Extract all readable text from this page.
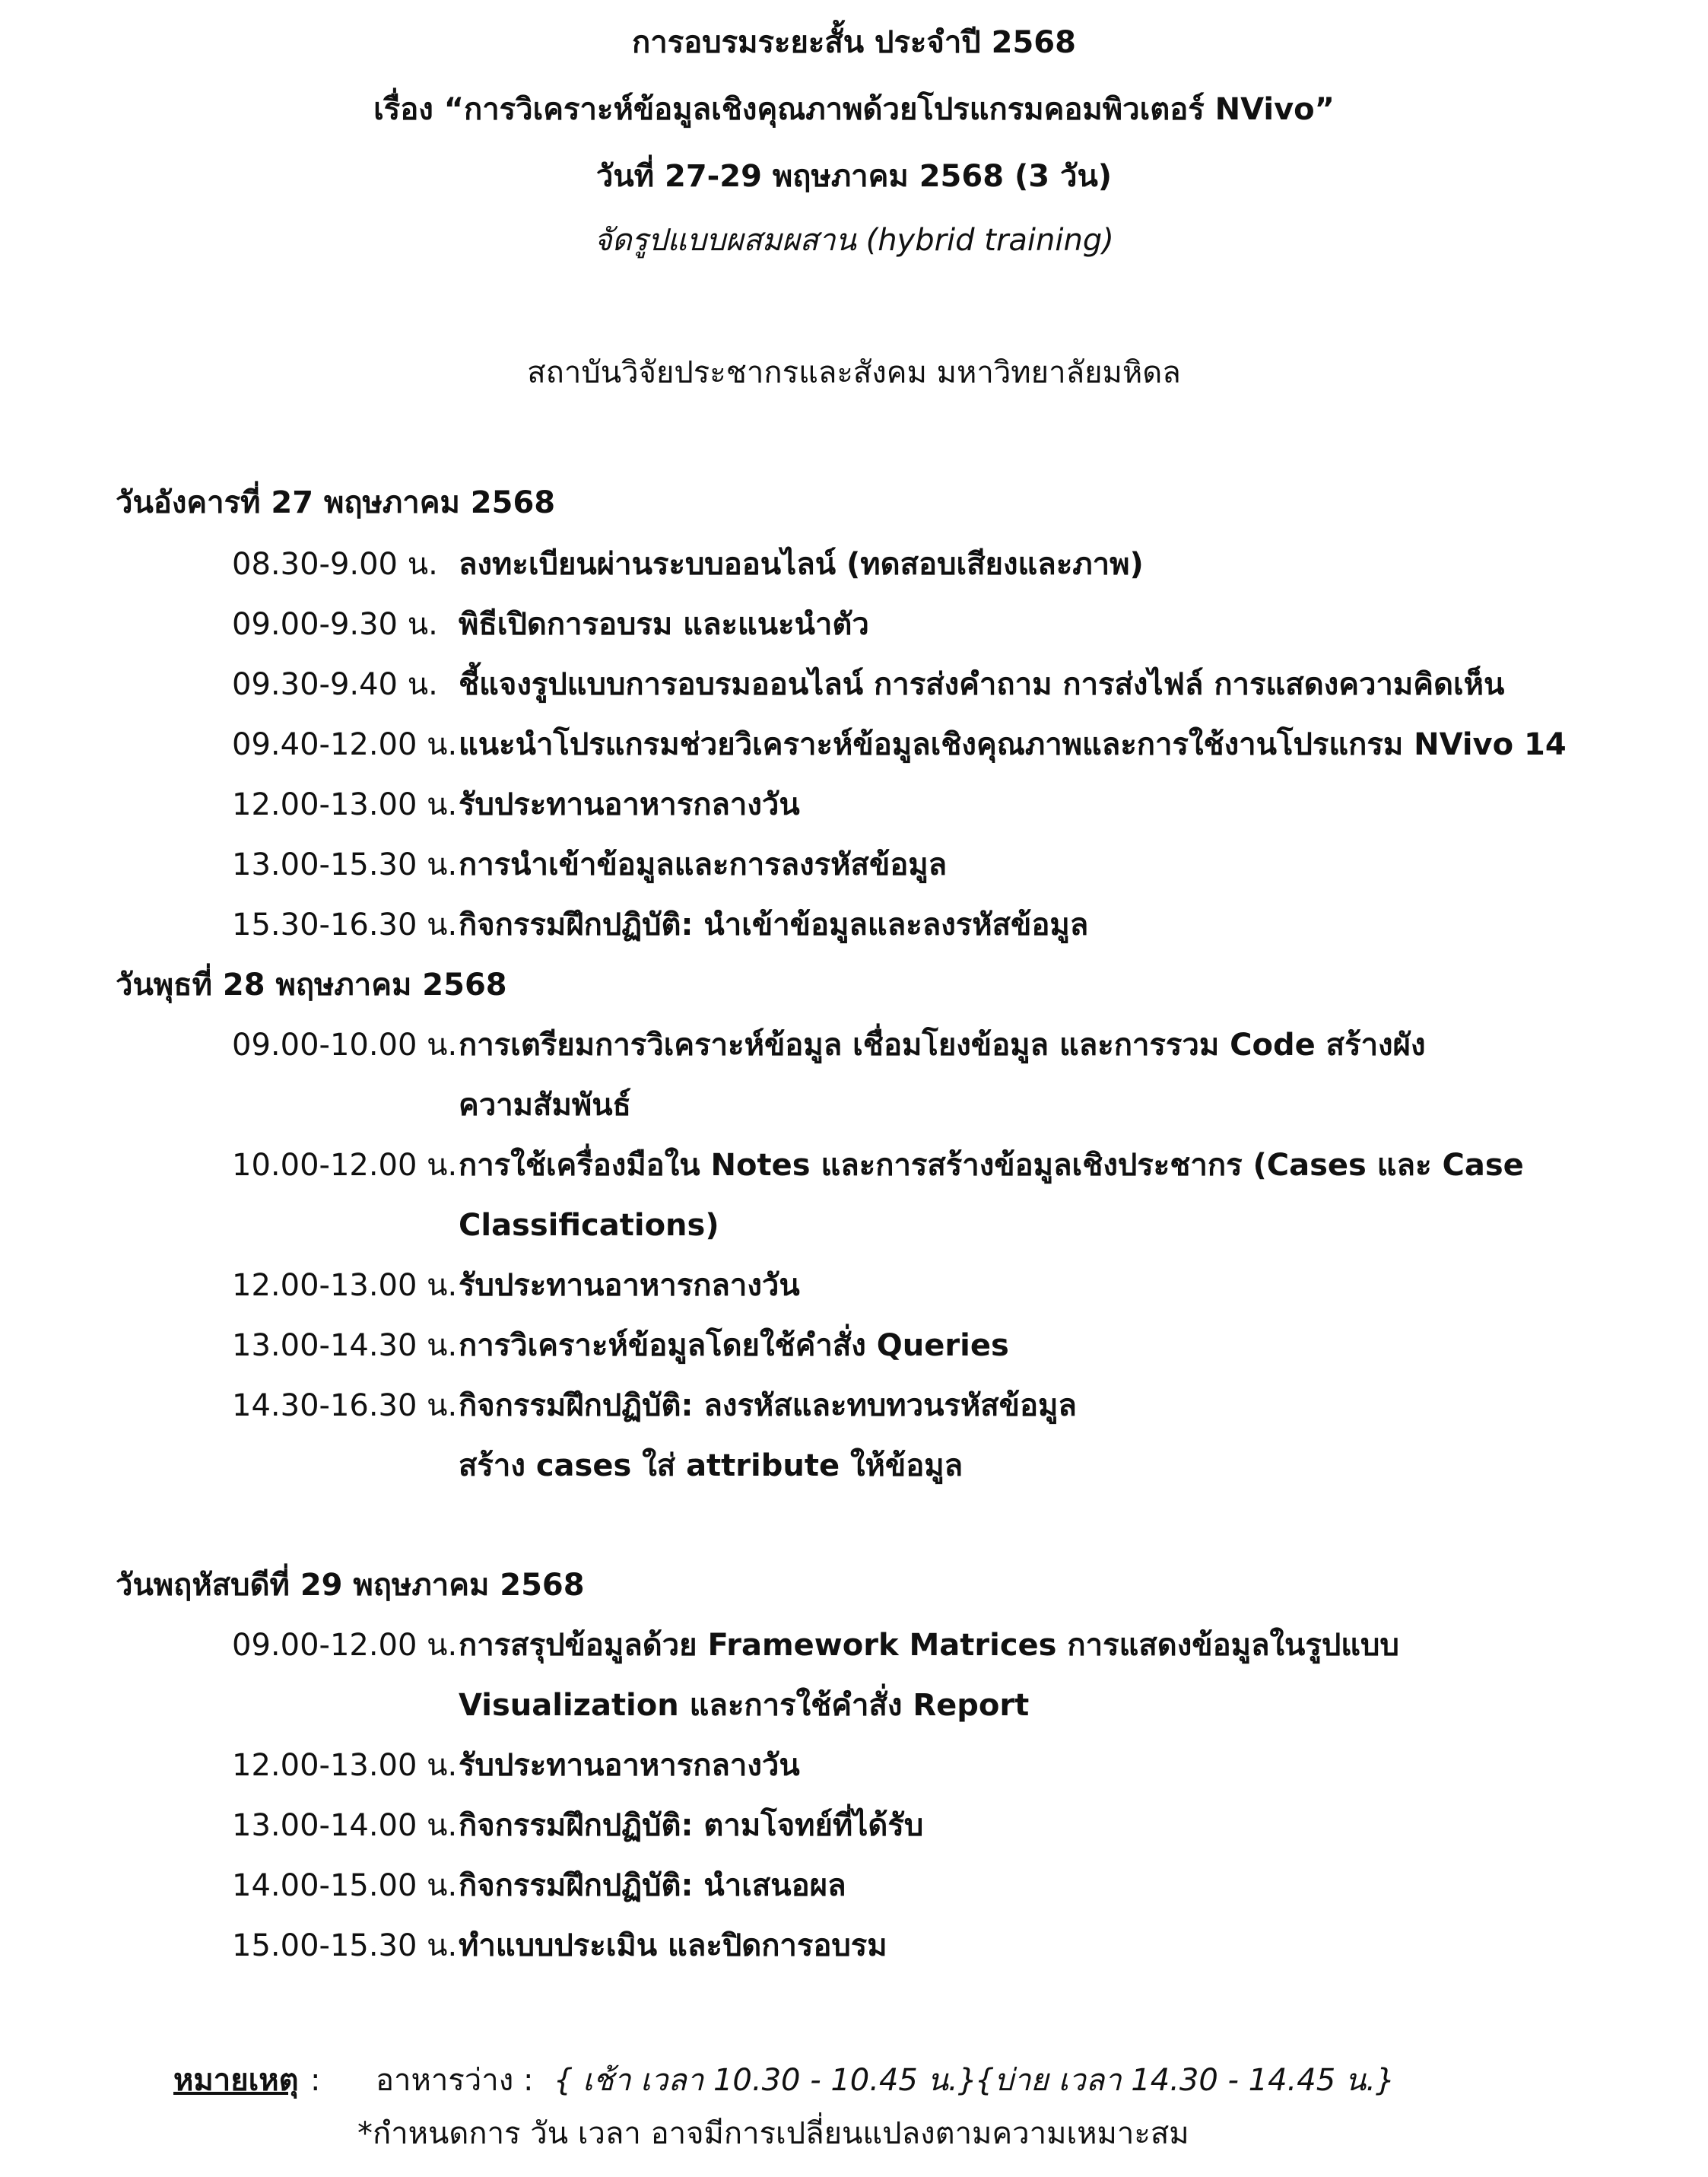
การอบรมระยะสั้น ประจำปี 2568
เรื่อง “การวิเคราะห์ข้อมูลเชิงคุณภาพด้วยโปรแกรมคอมพิวเตอร์ NVivo”
วันที่ 27-29 พฤษภาคม 2568 (3 วัน)
จัดรูปแบบผสมผสาน (hybrid training)
สถาบันวิจัยประชากรและสังคม มหาวิทยาลัยมหิดล
วันอังคารที่ 27 พฤษภาคม 2568
08.30-9.00 น. ลงทะเบียนผ่านระบบออนไลน์ (ทดสอบเสียงและภาพ)
09.00-9.30 น. พิธีเปิดการอบรม และแนะนำตัว
09.30-9.40 น. ชี้แจงรูปแบบการอบรมออนไลน์ การส่งคำถาม การส่งไฟล์ การแสดงความคิดเห็น
09.40-12.00 น. แนะนำโปรแกรมช่วยวิเคราะห์ข้อมูลเชิงคุณภาพและการใช้งานโปรแกรม NVivo 14
12.00-13.00 น. รับประทานอาหารกลางวัน
13.00-15.30 น. การนำเข้าข้อมูลและการลงรหัสข้อมูล
15.30-16.30 น. กิจกรรมฝึกปฏิบัติ: นำเข้าข้อมูลและลงรหัสข้อมูล
วันพุธที่ 28 พฤษภาคม 2568
09.00-10.00 น. การเตรียมการวิเคราะห์ข้อมูล เชื่อมโยงข้อมูล และการรวม Code สร้างผัง
ความสัมพันธ์
10.00-12.00 น. การใช้เครื่องมือใน Notes และการสร้างข้อมูลเชิงประชากร (Cases และ Case
Classifications)
12.00-13.00 น. รับประทานอาหารกลางวัน
13.00-14.30 น. การวิเคราะห์ข้อมูลโดยใช้คำสั่ง Queries
14.30-16.30 น. กิจกรรมฝึกปฏิบัติ: ลงรหัสและทบทวนรหัสข้อมูล
สร้าง cases ใส่ attribute ให้ข้อมูล
วันพฤหัสบดีที่ 29 พฤษภาคม 2568
09.00-12.00 น. การสรุปข้อมูลด้วย Framework Matrices การแสดงข้อมูลในรูปแบบ
Visualization และการใช้คำสั่ง Report
12.00-13.00 น. รับประทานอาหารกลางวัน
13.00-14.00 น. กิจกรรมฝึกปฏิบัติ: ตามโจทย์ที่ได้รับ
14.00-15.00 น. กิจกรรมฝึกปฏิบัติ: นำเสนอผล
15.00-15.30 น. ทำแบบประเมิน และปิดการอบรม
หมายเหตุ : อาหารว่าง : { เช้า เวลา 10.30 - 10.45 น.}
{บ่าย เวลา 14.30 - 14.45 น.}
*กำหนดการ วัน เวลา อาจมีการเปลี่ยนแปลงตามความเหมาะสม
